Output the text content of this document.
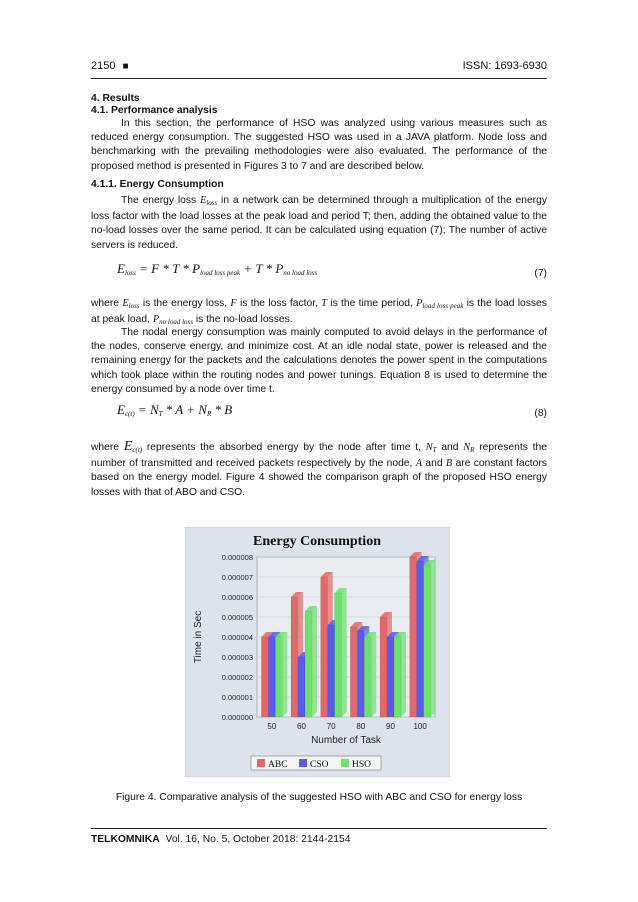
2150 ■	ISSN: 1693-6930
4. Results
4.1. Performance analysis

In this section, the performance of HSO was analyzed using various measures such as reduced energy consumption. The suggested HSO was used in a JAVA platform. Node loss and benchmarking with the prevailing methodologies were also evaluated. The performance of the proposed method is presented in Figures 3 to 7 and are described below.

4.1.1. Energy Consumption

The energy loss $E_{loss}$ in a network can be determined through a multiplication of the energy loss factor with the load losses at the peak load and period T; then, adding the obtained value to the no-load losses over the same period. It can be calculated using equation (7); The number of active servers is reduced.

$E_{loss} = F * T * P_{load loss peak} + T * P_{no load loss}$	(7)

where $E_{loss}$ is the energy loss, F is the loss factor, T is the time period, $P_{load loss peak}$ is the load losses at peak load, $P_{no load loss}$ is the no-load losses.

The nodal energy consumption was mainly computed to avoid delays in the performance of the nodes, conserve energy, and minimize cost. At an idle nodal state, power is released and the remaining energy for the packets and the calculations denotes the power spent in the computations which took place within the routing nodes and power tunings. Equation 8 is used to determine the energy consumed by a node over time t.

$E_{c(t)} = N_T * A + N_R * B$	(8)

where $E_{c(t)}$ represents the absorbed energy by the node after time t, $N_T$ and $N_R$ represents the number of transmitted and received packets respectively by the node, A and B are constant factors based on the energy model. Figure 4 showed the comparison graph of the proposed HSO energy losses with that of ABO and CSO.

Energy Consumption
0.000000
0.000001
0.000002
0.000003
0.000004
0.000005
0.000006
0.000007
0.000008
Time in Sec
50	60	70	80	90 100
Number of Task
ABC CSO HSO
Figure 4. Comparative analysis of the suggested HSO with ABC and CSO for energy loss
TELKOMNIKA Vol. 16, No. 5, October 2018: 2144-2154
